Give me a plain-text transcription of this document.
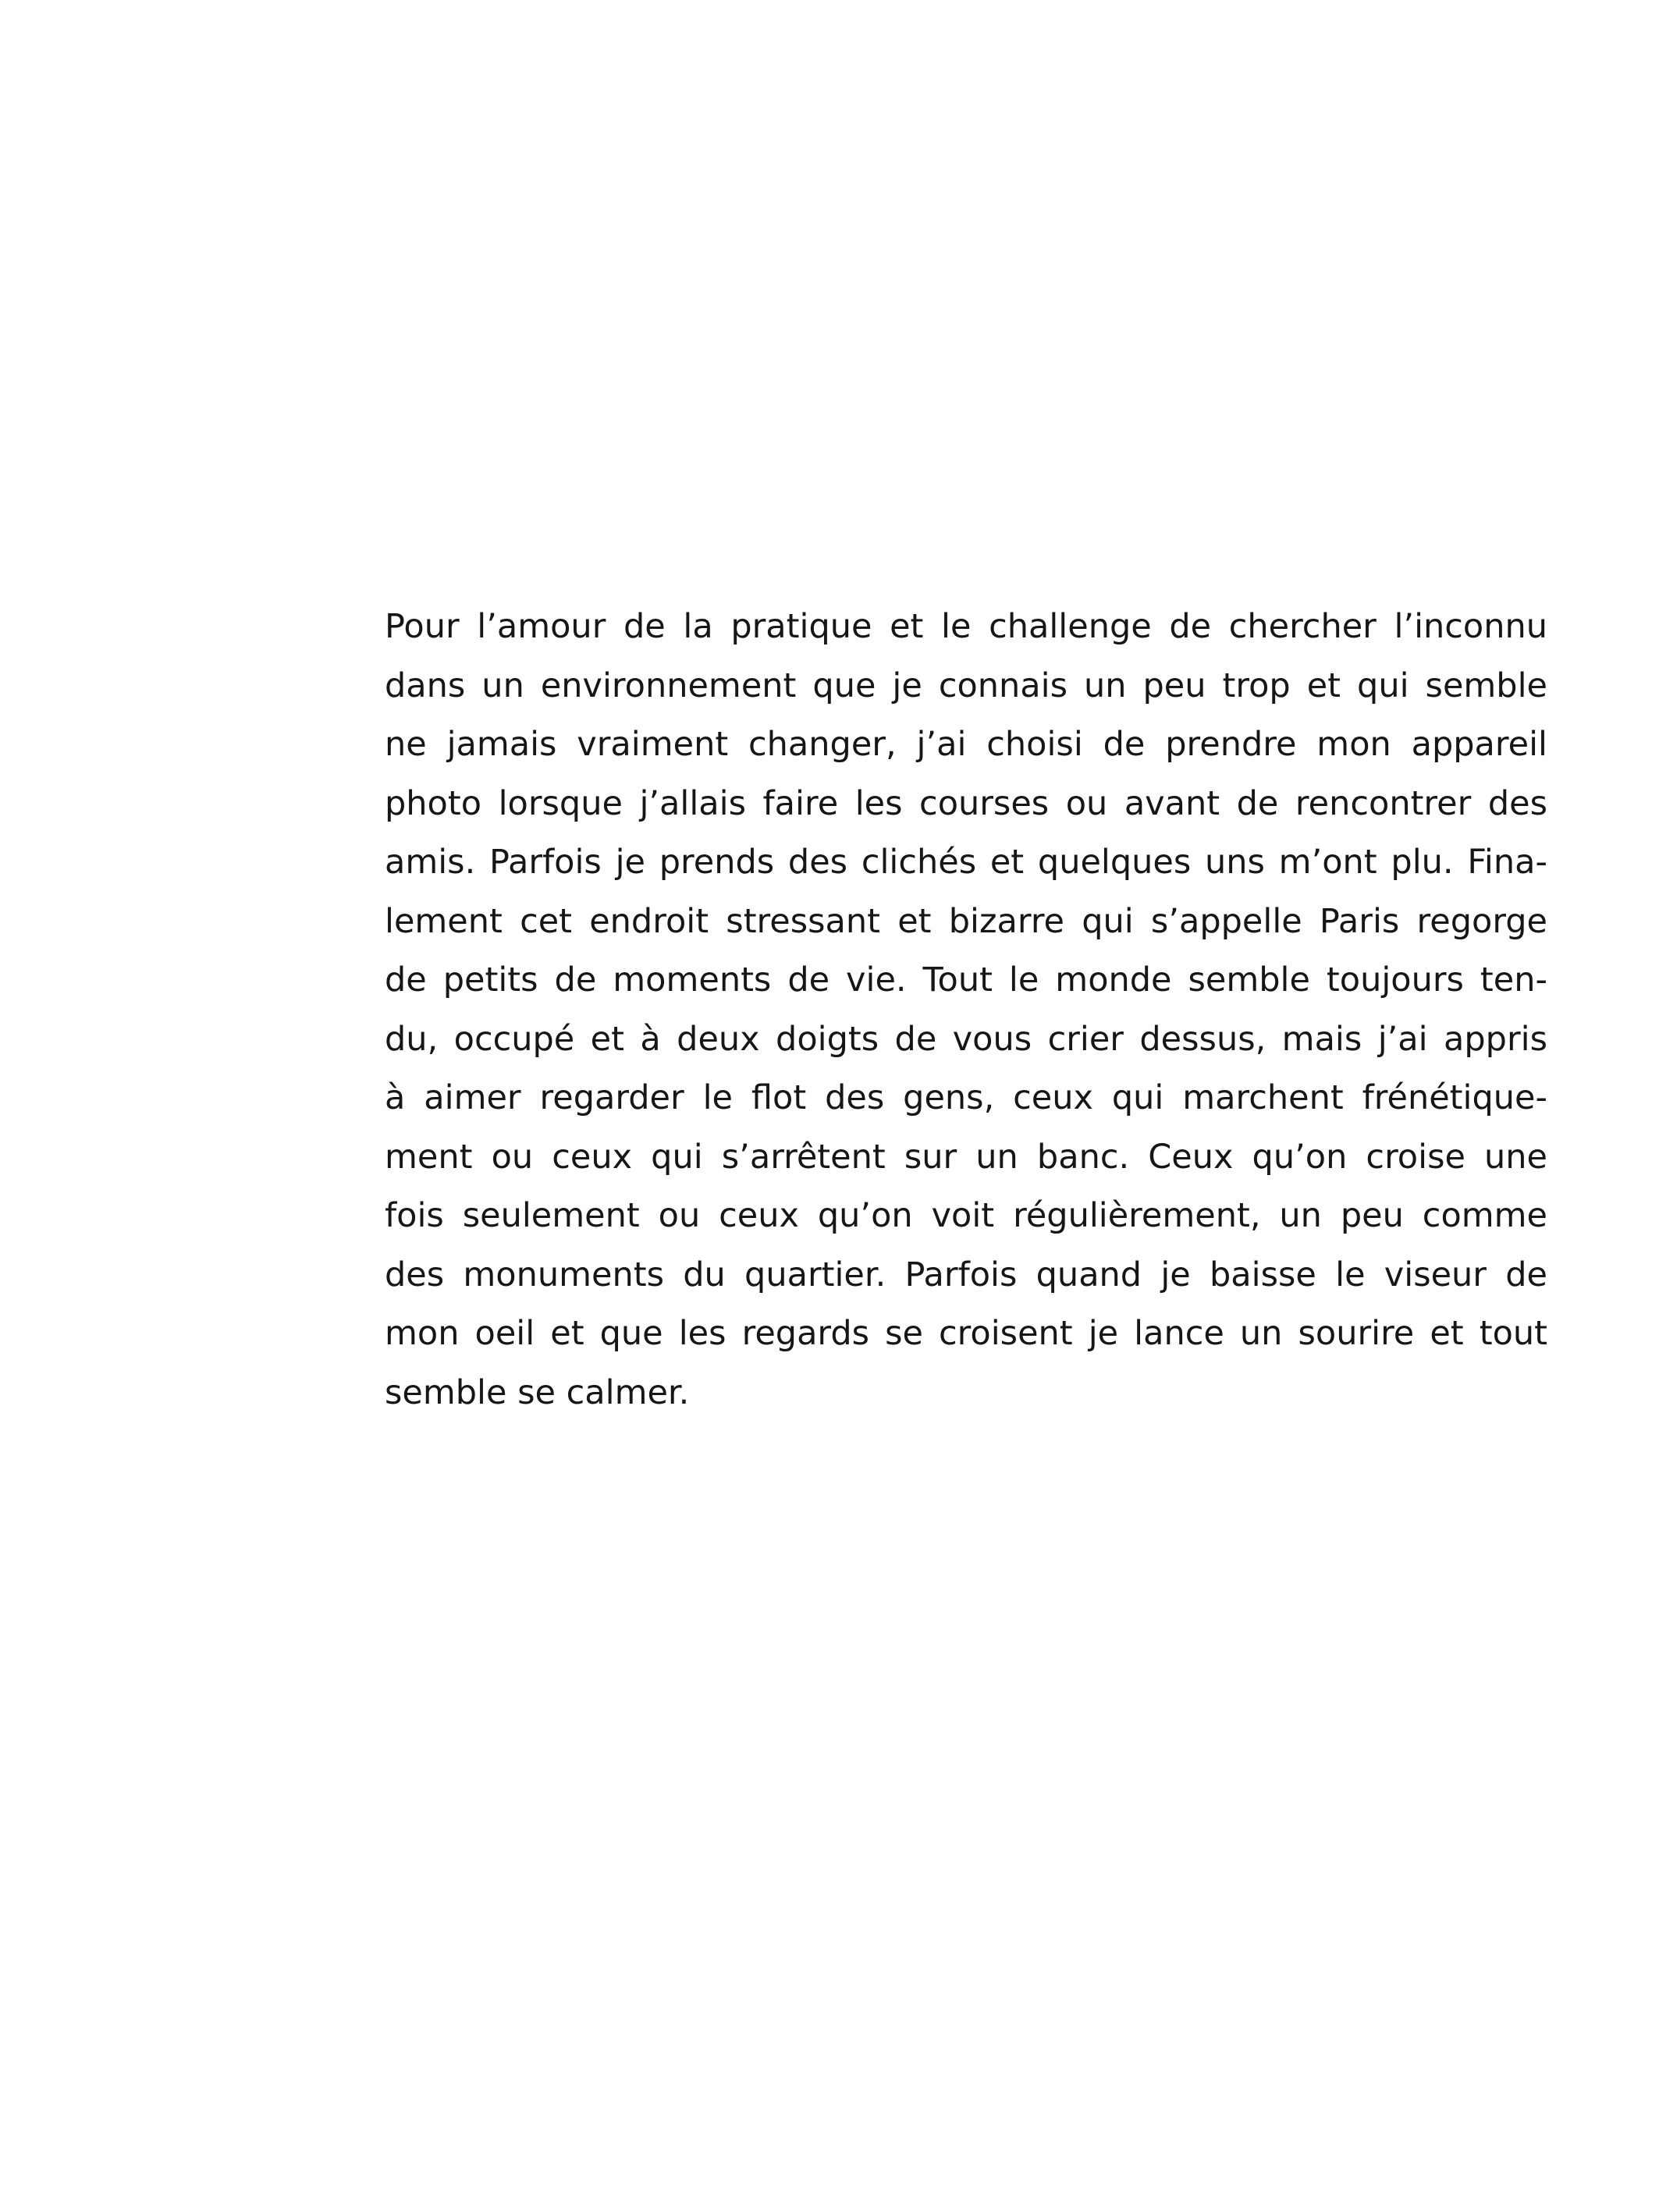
Pour l’amour de la pratique et le challenge de chercher l’inconnu
dans un environnement que je connais un peu trop et qui semble
ne jamais vraiment changer, j’ai choisi de prendre mon appareil
photo lorsque j’allais faire les courses ou avant de rencontrer des
amis. Parfois je prends des clichés et quelques uns m’ont plu. Fina-
lement cet endroit stressant et bizarre qui s’appelle Paris regorge
de petits de moments de vie. Tout le monde semble toujours ten-
du, occupé et à deux doigts de vous crier dessus, mais j’ai appris
à aimer regarder le flot des gens, ceux qui marchent frénétique-
ment ou ceux qui s’arrêtent sur un banc. Ceux qu’on croise une
fois seulement ou ceux qu’on voit régulièrement, un peu comme
des monuments du quartier. Parfois quand je baisse le viseur de
mon oeil et que les regards se croisent je lance un sourire et tout
semble se calmer.
